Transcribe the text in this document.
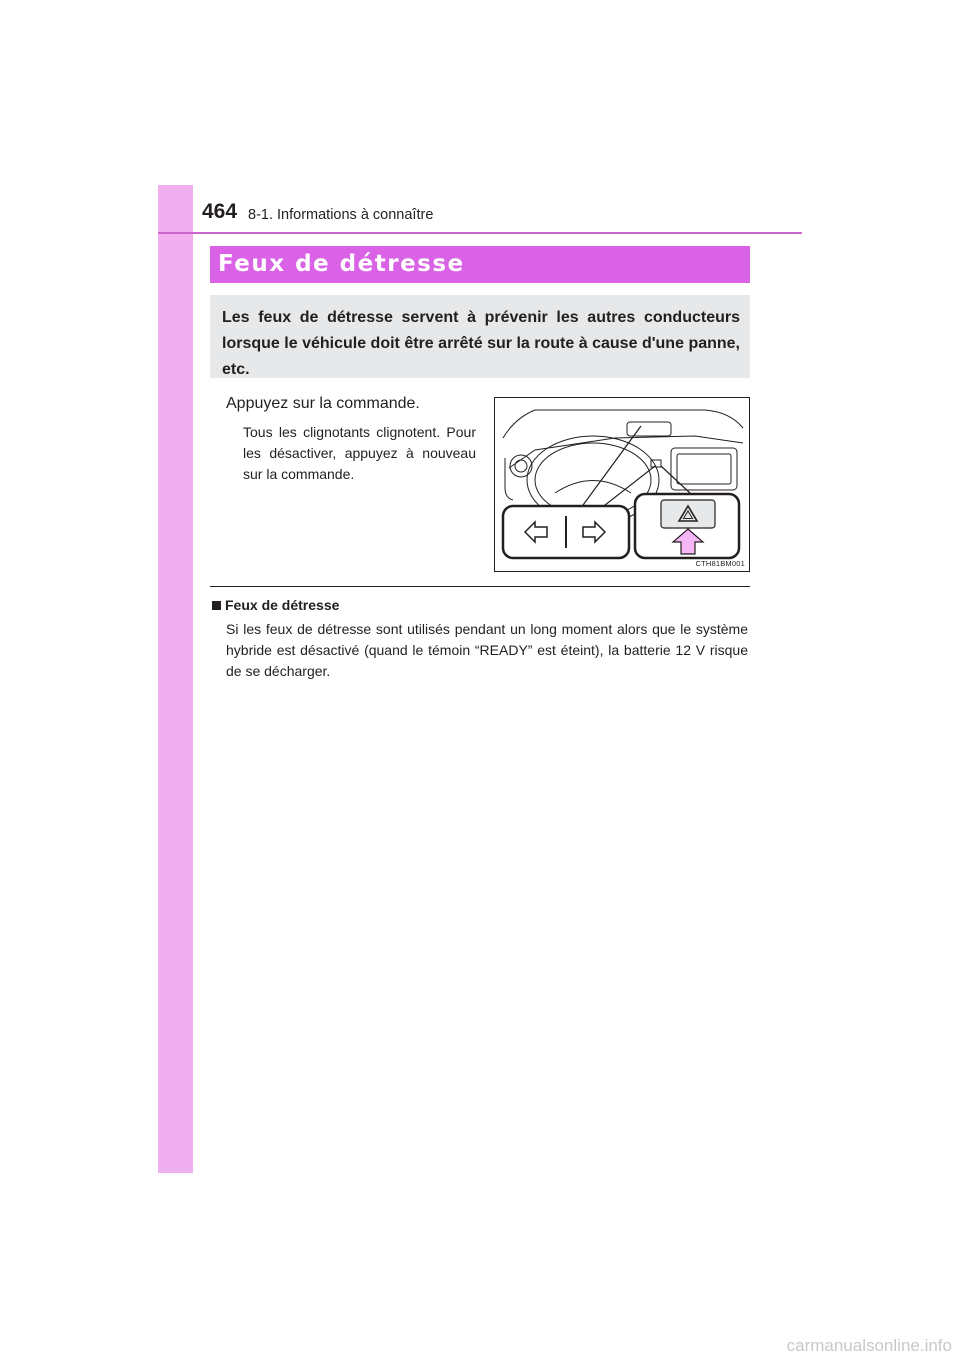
464 8-1. Informations à connaître
Feux de détresse
Les feux de détresse servent à prévenir les autres conducteurs lorsque le véhicule doit être arrêté sur la route à cause d'une panne, etc.
Appuyez sur la commande.
Tous les clignotants clignotent. Pour les désactiver, appuyez à nouveau sur la commande.
CTH81BM001
Feux de détresse
Si les feux de détresse sont utilisés pendant un long moment alors que le système hybride est désactivé (quand le témoin “READY” est éteint), la batterie 12 V risque de se décharger.
carmanualsonline.info
